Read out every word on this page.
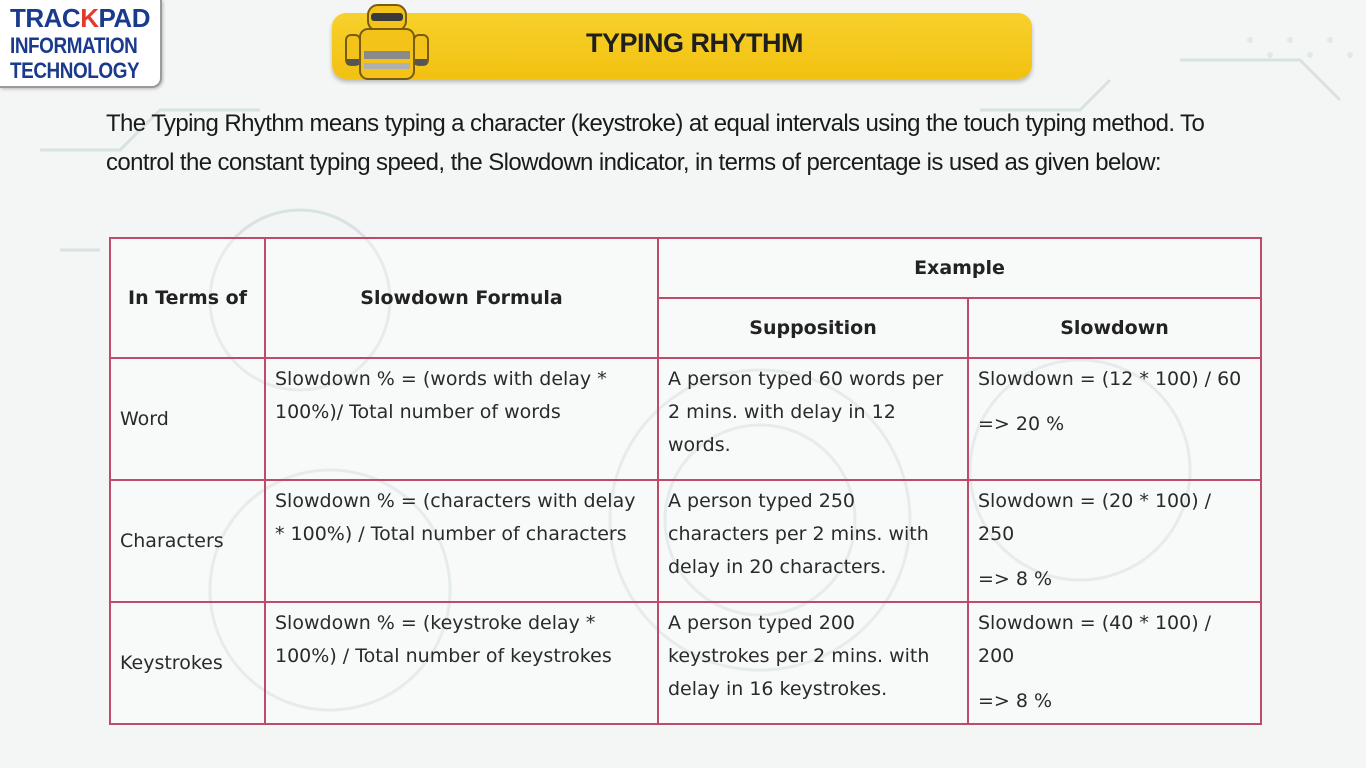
TRACKPAD
INFORMATION
TECHNOLOGY
TYPING RHYTHM
The Typing Rhythm means typing a character (keystroke) at equal intervals using the touch typing method. To control the constant typing speed, the Slowdown indicator, in terms of percentage is used as given below:
In Terms of	Slowdown Formula	Example	
		Supposition	Slowdown
Word	Slowdown % = (words with delay * 100%)/ Total number of words	A person typed 60 words per 2 mins. with delay in 12 words.	Slowdown = (12 * 100) / 60
=> 20 %

Characters	Slowdown % = (characters with delay * 100%) / Total number of characters	A person typed 250 characters per 2 mins. with delay in 20 characters.	Slowdown = (20 * 100) / 250
=> 8 %

Keystrokes	Slowdown % = (keystroke delay * 100%) / Total number of keystrokes	A person typed 200 keystrokes per 2 mins. with delay in 16 keystrokes.	Slowdown = (40 * 100) / 200
=> 8 %
